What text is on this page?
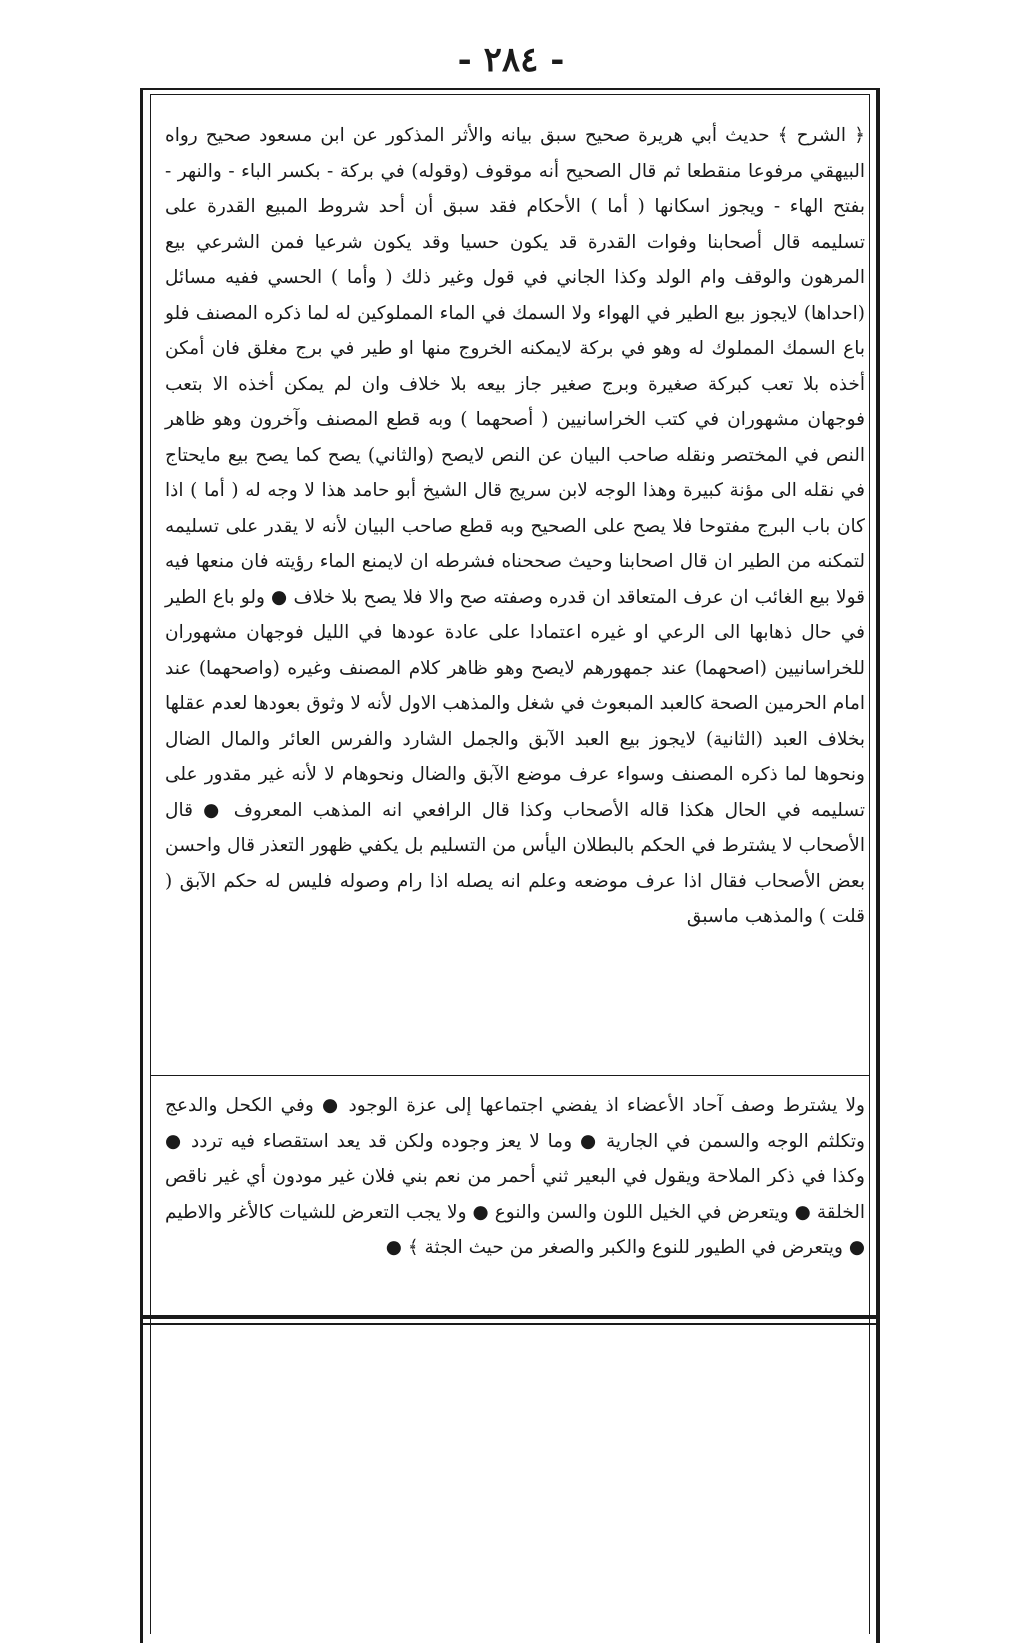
- ٢٨٤ -

﴿ الشرح ﴾ حديث أبي هريرة صحيح سبق بيانه والأثر المذكور عن ابن مسعود صحيح رواه البيهقي مرفوعا منقطعا ثم قال الصحيح أنه موقوف (وقوله) في بركة - بكسر الباء - والنهر - بفتح الهاء - ويجوز اسكانها ( أما ) الأحكام فقد سبق أن أحد شروط المبيع القدرة على تسليمه قال أصحابنا وفوات القدرة قد يكون حسيا وقد يكون شرعيا فمن الشرعي بيع المرهون والوقف وام الولد وكذا الجاني في قول وغير ذلك ( وأما ) الحسي ففيه مسائل (احداها) لايجوز بيع الطير في الهواء ولا السمك في الماء المملوكين له لما ذكره المصنف فلو باع السمك المملوك له وهو في بركة لايمكنه الخروج منها او طير في برج مغلق فان أمكن أخذه بلا تعب كبركة صغيرة وبرج صغير جاز بيعه بلا خلاف وان لم يمكن أخذه الا بتعب فوجهان مشهوران في كتب الخراسانيين ( أصحهما ) وبه قطع المصنف وآخرون وهو ظاهر النص في المختصر ونقله صاحب البيان عن النص لايصح (والثاني) يصح كما يصح بيع مايحتاج في نقله الى مؤنة كبيرة وهذا الوجه لابن سريج قال الشيخ أبو حامد هذا لا وجه له ( أما ) اذا كان باب البرج مفتوحا فلا يصح على الصحيح وبه قطع صاحب البيان لأنه لا يقدر على تسليمه لتمكنه من الطير ان قال اصحابنا وحيث صححناه فشرطه ان لايمنع الماء رؤيته فان منعها فيه قولا بيع الغائب ان عرف المتعاقد ان قدره وصفته صح والا فلا يصح بلا خلاف ● ولو باع الطير في حال ذهابها الى الرعي او غيره اعتمادا على عادة عودها في الليل فوجهان مشهوران للخراسانيين (اصحهما) عند جمهورهم لايصح وهو ظاهر كلام المصنف وغيره (واصحهما) عند امام الحرمين الصحة كالعبد المبعوث في شغل والمذهب الاول لأنه لا وثوق بعودها لعدم عقلها بخلاف العبد (الثانية) لايجوز بيع العبد الآبق والجمل الشارد والفرس العائر والمال الضال ونحوها لما ذكره المصنف وسواء عرف موضع الآبق والضال ونحوهام لا لأنه غير مقدور على تسليمه في الحال هكذا قاله الأصحاب وكذا قال الرافعي انه المذهب المعروف ● قال الأصحاب لا يشترط في الحكم بالبطلان اليأس من التسليم بل يكفي ظهور التعذر قال واحسن بعض الأصحاب فقال اذا عرف موضعه وعلم انه يصله اذا رام وصوله فليس له حكم الآبق ( قلت ) والمذهب ماسبق

ولا يشترط وصف آحاد الأعضاء اذ يفضي اجتماعها إلى عزة الوجود ● وفي الكحل والدعج وتكلثم الوجه والسمن في الجارية ● وما لا يعز وجوده ولكن قد يعد استقصاء فيه تردد ● وكذا في ذكر الملاحة ويقول في البعير ثني أحمر من نعم بني فلان غير مودون أي غير ناقص الخلقة ● ويتعرض في الخيل اللون والسن والنوع ● ولا يجب التعرض للشيات كالأغر والاطيم ● ويتعرض في الطيور للنوع والكبر والصغر من حيث الجثة ﴾ ●
